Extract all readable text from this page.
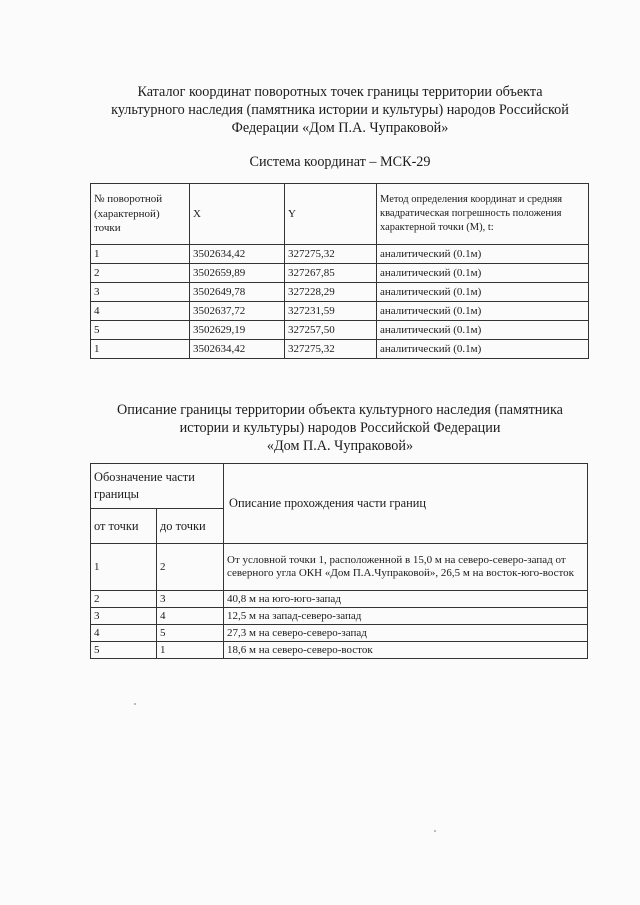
Каталог координат поворотных точек границы территории объекта
культурного наследия (памятника истории и культуры) народов Российской
Федерации «Дом П.А. Чупраковой»
Система координат – МСК-29
№ поворотной (характерной) точки	X	Y	Метод определения координат и средняя квадратическая погрешность положения характерной точки (М), t:
1	3502634,42	327275,32	аналитический (0.1м)
2	3502659,89	327267,85	аналитический (0.1м)
3	3502649,78	327228,29	аналитический (0.1м)
4	3502637,72	327231,59	аналитический (0.1м)
5	3502629,19	327257,50	аналитический (0.1м)
1	3502634,42	327275,32	аналитический (0.1м)
Описание границы территории объекта культурного наследия (памятника
истории и культуры) народов Российской Федерации
«Дом П.А. Чупраковой»
Обозначение части границы		Описание прохождения части границ
от точки	до точки	
1	2	От условной точки 1, расположенной в 15,0 м на северо-северо-запад от северного угла ОКН «Дом П.А.Чупраковой», 26,5 м на восток-юго-восток
2	3	40,8 м на юго-юго-запад
3	4	12,5 м на запад-северо-запад
4	5	27,3 м на северо-северо-запад
5	1	18,6 м на северо-северо-восток
